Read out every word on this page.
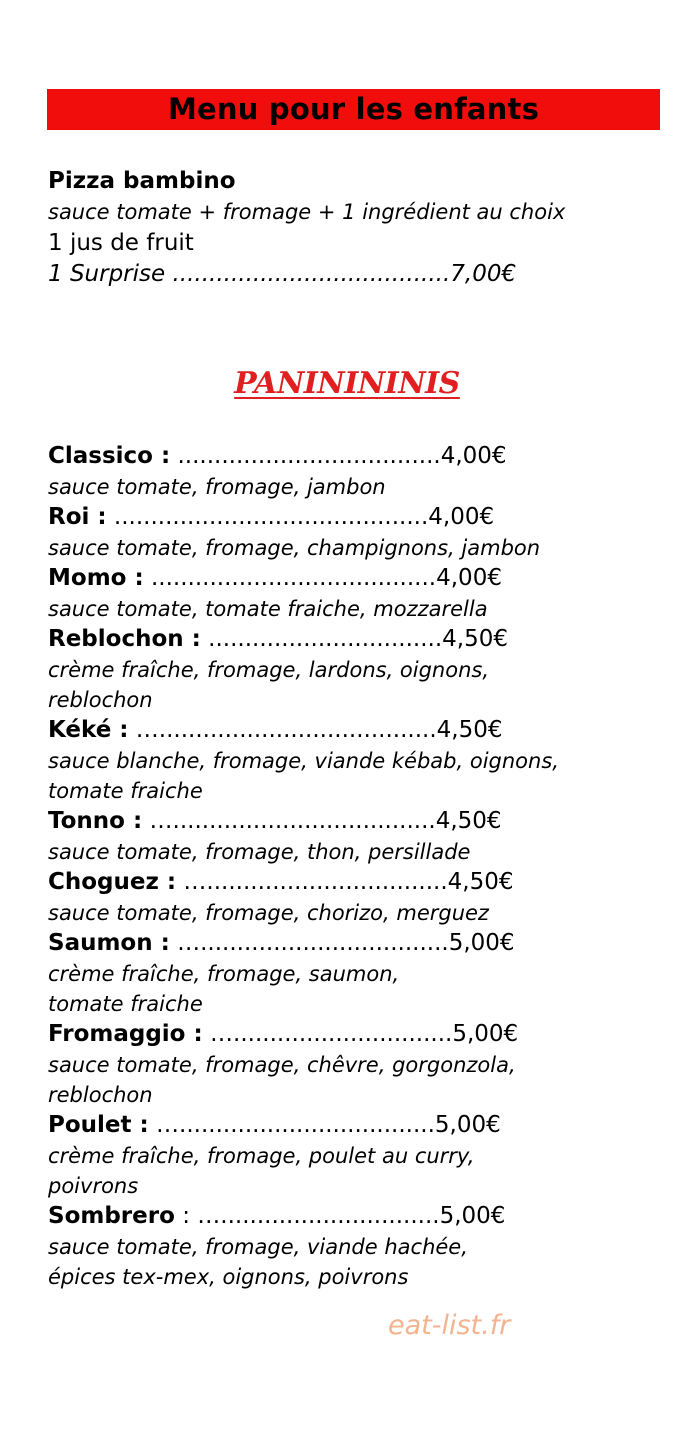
Menu pour les enfants
Pizza bambino
sauce tomate + fromage + 1 ingrédient au choix
1 jus de fruit
1 Surprise ......................................7,00€
PANINININIS
Classico : ....................................4,00€
sauce tomate, fromage, jambon
Roi : ...........................................4,00€
sauce tomate, fromage, champignons, jambon
Momo : .......................................4,00€
sauce tomate, tomate fraiche, mozzarella
Reblochon : ................................4,50€
crème fraîche, fromage, lardons, oignons,
reblochon
Kéké : …......................................4,50€
sauce blanche, fromage, viande kébab, oignons,
tomate fraiche
Tonno : …....................................4,50€
sauce tomate, fromage, thon, persillade
Choguez : ….................................4,50€
sauce tomate, fromage, chorizo, merguez
Saumon : …..................................5,00€
crème fraîche, fromage, saumon,
tomate fraiche
Fromaggio : …..............................5,00€
sauce tomate, fromage, chêvre, gorgonzola,
reblochon
Poulet : …...................................5,00€
crème fraîche, fromage, poulet au curry,
poivrons
Sombrero : …..............................5,00€
sauce tomate, fromage, viande hachée,
épices tex-mex, oignons, poivrons
eat-list.fr
